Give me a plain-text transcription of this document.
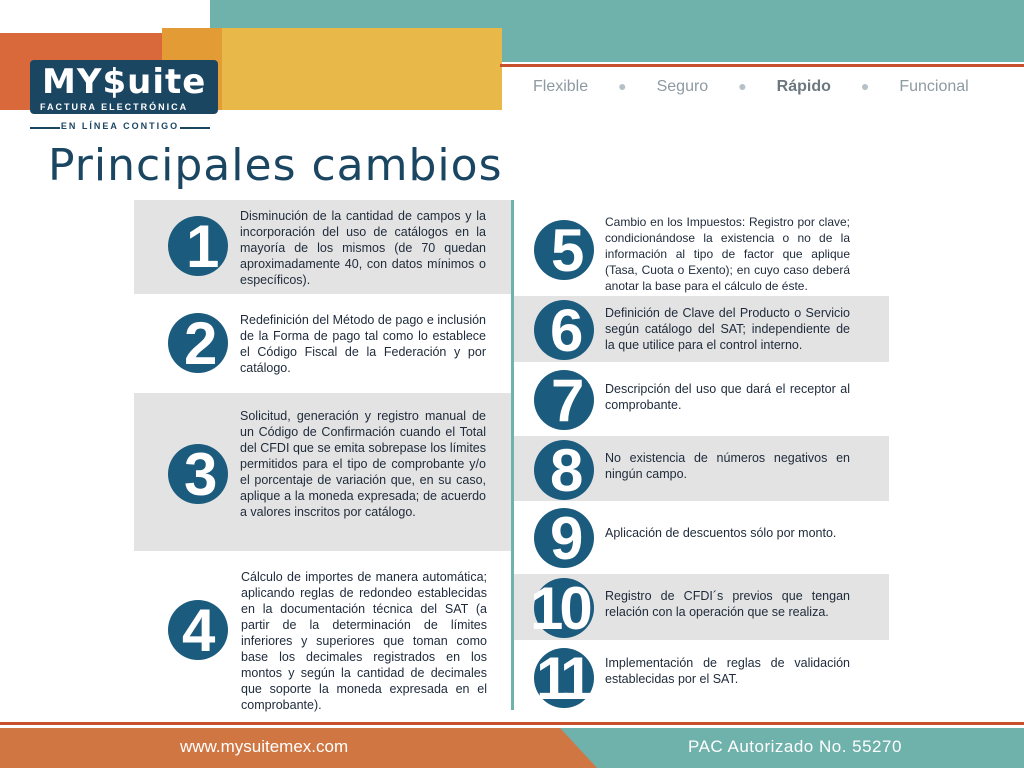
MY$uite
FACTURA ELECTRÓNICA
EN LÍNEA CONTIGO
Flexible ● Seguro ● Rápido ● Funcional
Principales cambios
1 Disminución de la cantidad de campos y la incorporación del uso de catálogos en la mayoría de los mismos (de 70 quedan aproximadamente 40, con datos mínimos o específicos).
2 Redefinición del Método de pago e inclusión de la Forma de pago tal como lo establece el Código Fiscal de la Federación y por catálogo.
3
Solicitud, generación y registro manual de un Código de Confirmación cuando el Total del CFDI que se emita sobrepase los límites permitidos para el tipo de comprobante y/o el porcentaje de variación que, en su caso, aplique a la moneda expresada; de acuerdo a valores inscritos por catálogo.
4
Cálculo de importes de manera automática; aplicando reglas de redondeo establecidas en la documentación técnica del SAT (a partir de la determinación de límites inferiores y superiores que toman como base los decimales registrados en los montos y según la cantidad de decimales que soporte la moneda expresada en el comprobante).
5 Cambio en los Impuestos: Registro por clave; condicionándose la existencia o no de la información al tipo de factor que aplique (Tasa, Cuota o Exento); en cuyo caso deberá anotar la base para el cálculo de éste.
6 Definición de Clave del Producto o Servicio según catálogo del SAT; independiente de la que utilice para el control interno.
7 Descripción del uso que dará el receptor al comprobante.
8 No existencia de números negativos en ningún campo.
9 Aplicación de descuentos sólo por monto.
10 Registro de CFDI´s previos que tengan relación con la operación que se realiza.
11 Implementación de reglas de validación establecidas por el SAT.
www.mysuitemex.com	PAC Autorizado No. 55270
